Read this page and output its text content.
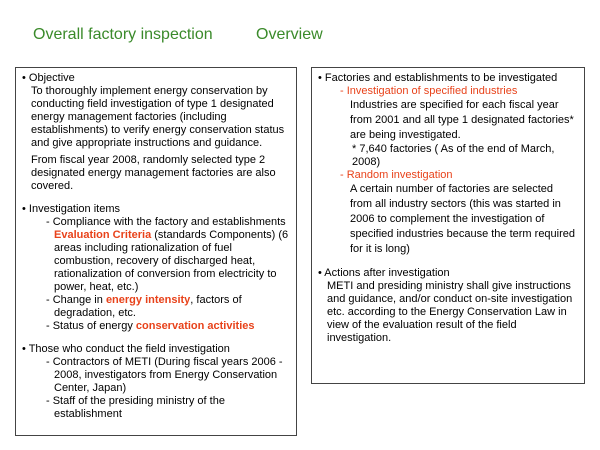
Overall factory inspection	Overview

• Objective

To thoroughly implement energy conservation by conducting field investigation of type 1 designated energy management factories (including establishments) to verify energy conservation status and give appropriate instructions and guidance.

From fiscal year 2008, randomly selected type 2 designated energy management factories are also covered.

• Investigation items

- Compliance with the factory and establishments Evaluation Criteria (standards Components) (6 areas including rationalization of fuel combustion, recovery of discharged heat, rationalization of conversion from electricity to power, heat, etc.)

- Change in energy intensity, factors of degradation, etc.

- Status of energy conservation activities

• Those who conduct the field investigation

- Contractors of METI (During fiscal years 2006 - 2008, investigators from Energy Conservation Center, Japan)

- Staff of the presiding ministry of the establishment

• Factories and establishments to be investigated

- Investigation of specified industries

Industries are specified for each fiscal year from 2001 and all type 1 designated factories* are being investigated.

* 7,640 factories ( As of the end of March, 2008)

- Random investigation

A certain number of factories are selected from all industry sectors (this was started in 2006 to complement the investigation of specified industries because the term required for it is long)

• Actions after investigation

METI and presiding ministry shall give instructions and guidance, and/or conduct on-site investigation etc. according to the Energy Conservation Law in view of the evaluation result of the field investigation.
